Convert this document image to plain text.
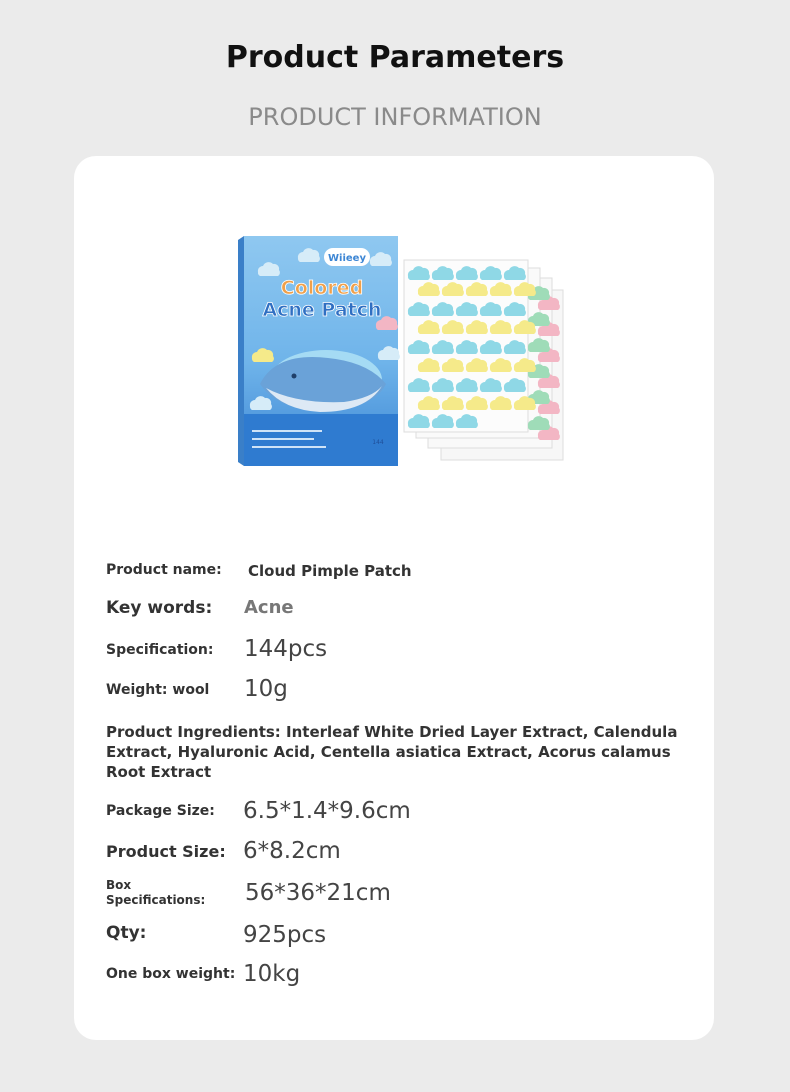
Product Parameters
PRODUCT INFORMATION
Wiieey
Colored
Acne Patch
144
Product name: Cloud Pimple Patch
Key words: Acne
Specification: 144pcs
Weight: wool 10g
Product Ingredients: Interleaf White Dried Layer Extract, Calendula Extract, Hyaluronic Acid, Centella asiatica Extract, Acorus calamus Root Extract
Package Size: 6.5*1.4*9.6cm
Product Size: 6*8.2cm
Box Specifications: 56*36*21cm
Qty:	925pcs
One box weight: 10kg
